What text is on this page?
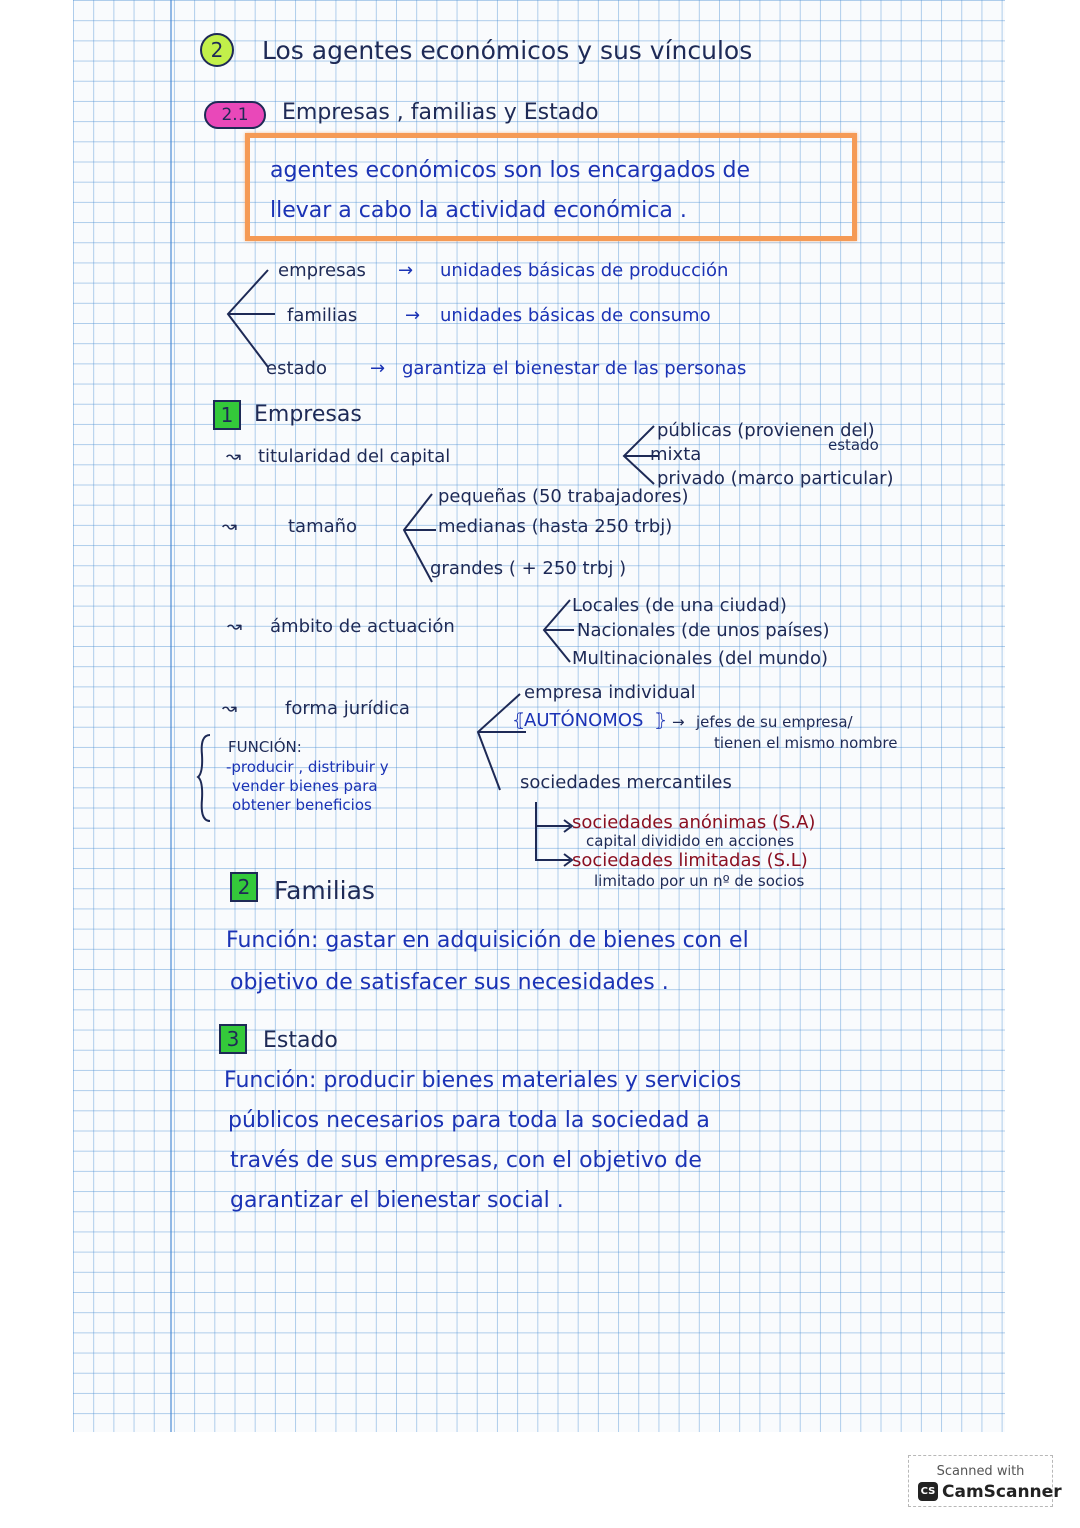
2	Los agentes económicos y sus vínculos
2.1	Empresas , familias y Estado
agentes económicos son los encargados de
llevar a cabo la actividad económica .
empresas → unidades básicas de producción
familias	→ unidades básicas de consumo
estado → garantiza el bienestar de las personas
1 Empresas
↝ titularidad del capital
públicas (provienen del)
estado
mixta
privado (marco particular)
↝	tamaño
pequeñas (50 trabajadores)
medianas (hasta 250 trbj)
grandes ( + 250 trbj )
↝ ámbito de actuación
Locales (de una ciudad)
Nacionales (de unos países)
Multinacionales (del mundo)
↝	forma jurídica
empresa individual
⦃
AUTÓNOMOS ⦄ → jefes de su empresa/
tienen el mismo nombre
sociedades mercantiles
sociedades anónimas (S.A)
capital dividido en acciones
sociedades limitadas (S.L)
limitado por un nº de socios
FUNCIÓN:
-producir , distribuir y
vender bienes para
obtener beneficios
2 Familias
Función: gastar en adquisición de bienes con el
objetivo de satisfacer sus necesidades .
3	Estado
Función: producir bienes materiales y servicios
públicos necesarios para toda la sociedad a
través de sus empresas, con el objetivo de
garantizar el bienestar social .
Scanned with
CS CamScanner
